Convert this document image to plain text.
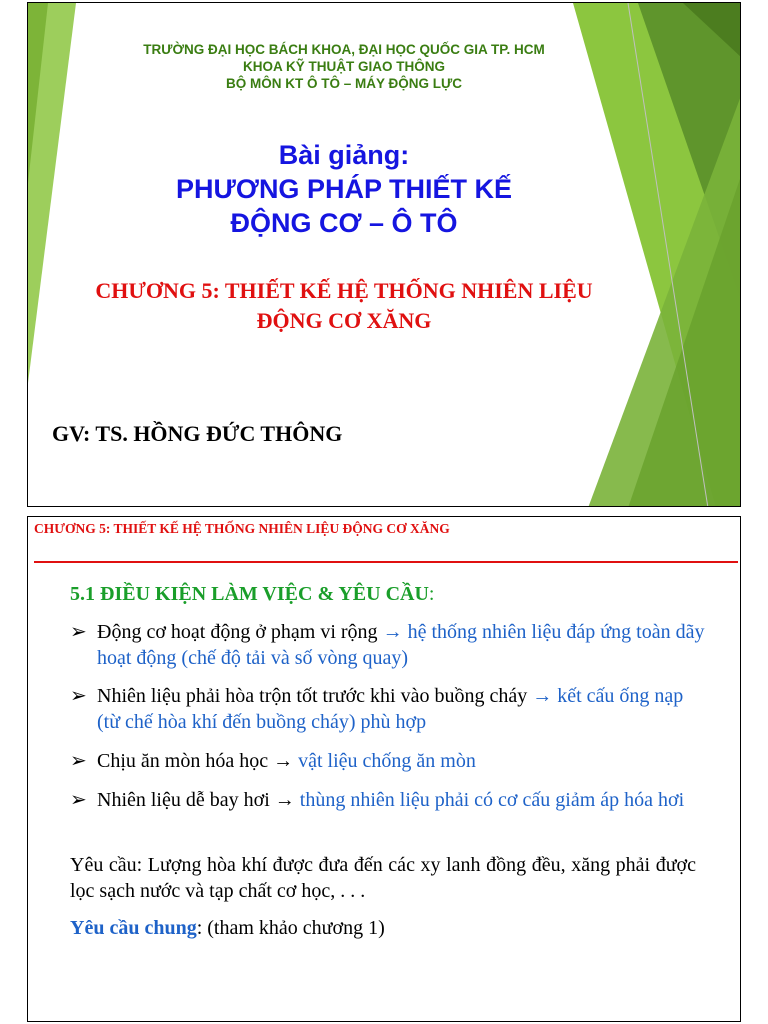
TRƯỜNG ĐẠI HỌC BÁCH KHOA, ĐẠI HỌC QUỐC GIA TP. HCM
KHOA KỸ THUẬT GIAO THÔNG
BỘ MÔN KT Ô TÔ – MÁY ĐỘNG LỰC
Bài giảng:
PHƯƠNG PHÁP THIẾT KẾ
ĐỘNG CƠ – Ô TÔ
CHƯƠNG 5: THIẾT KẾ HỆ THỐNG NHIÊN LIỆU
ĐỘNG CƠ XĂNG
GV: TS. HỒNG ĐỨC THÔNG
CHƯƠNG 5: THIẾT KẾ HỆ THỐNG NHIÊN LIỆU ĐỘNG CƠ XĂNG
5.1 ĐIỀU KIỆN LÀM VIỆC & YÊU CẦU:
➢ Động cơ hoạt động ở phạm vi rộng → hệ thống nhiên liệu đáp ứng toàn dãy hoạt động (chế độ tải và số vòng quay)
➢ Nhiên liệu phải hòa trộn tốt trước khi vào buồng cháy → kết cấu ống nạp (từ chế hòa khí đến buồng cháy) phù hợp
➢ Chịu ăn mòn hóa học → vật liệu chống ăn mòn
➢ Nhiên liệu dễ bay hơi → thùng nhiên liệu phải có cơ cấu giảm áp hóa hơi
Yêu cầu: Lượng hòa khí được đưa đến các xy lanh đồng đều, xăng phải được lọc sạch nước và tạp chất cơ học, . . .
Yêu cầu chung: (tham khảo chương 1)
